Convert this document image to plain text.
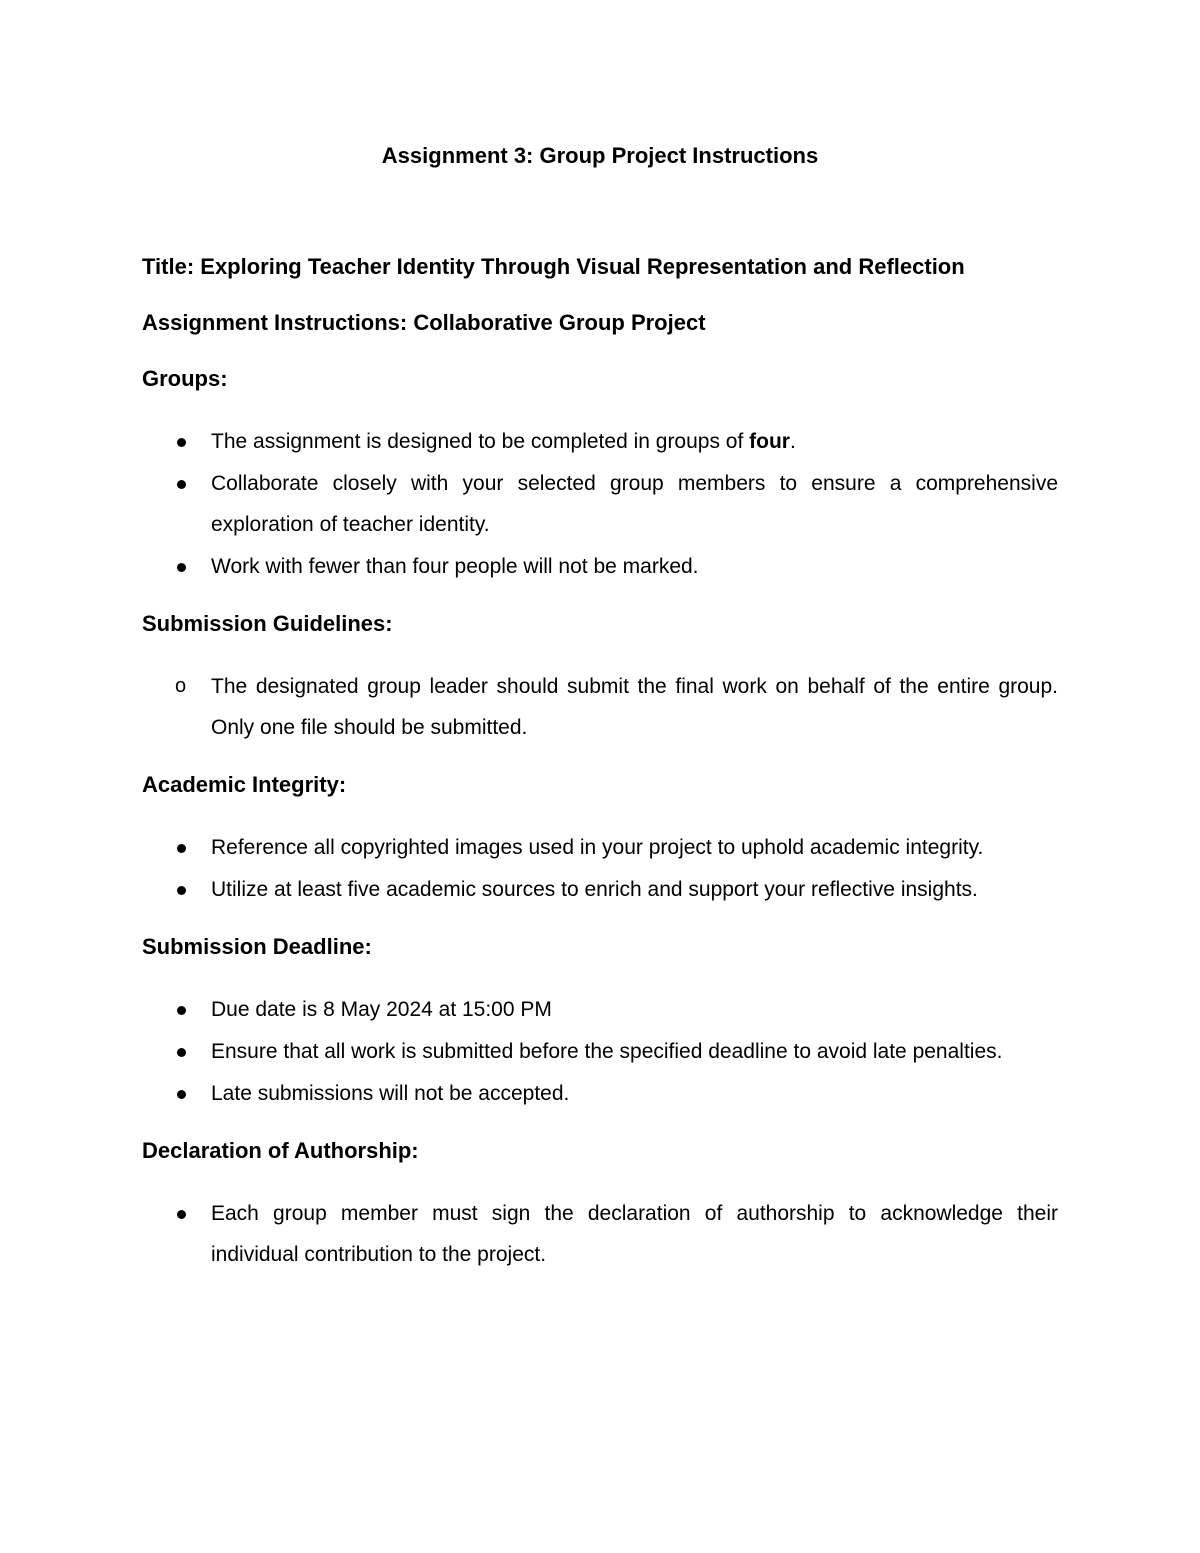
Assignment 3: Group Project Instructions

Title: Exploring Teacher Identity Through Visual Representation and Reflection

Assignment Instructions: Collaborative Group Project

Groups:

The assignment is designed to be completed in groups of four.
Collaborate closely with your selected group members to ensure a comprehensive exploration of teacher identity.
Work with fewer than four people will not be marked.

Submission Guidelines:

o	The designated group leader should submit the final work on behalf of the entire group. Only one file should be submitted.

Academic Integrity:

Reference all copyrighted images used in your project to uphold academic integrity.
Utilize at least five academic sources to enrich and support your reflective insights.

Submission Deadline:

Due date is 8 May 2024 at 15:00 PM
Ensure that all work is submitted before the specified deadline to avoid late penalties.
Late submissions will not be accepted.

Declaration of Authorship:

Each group member must sign the declaration of authorship to acknowledge their individual contribution to the project.
